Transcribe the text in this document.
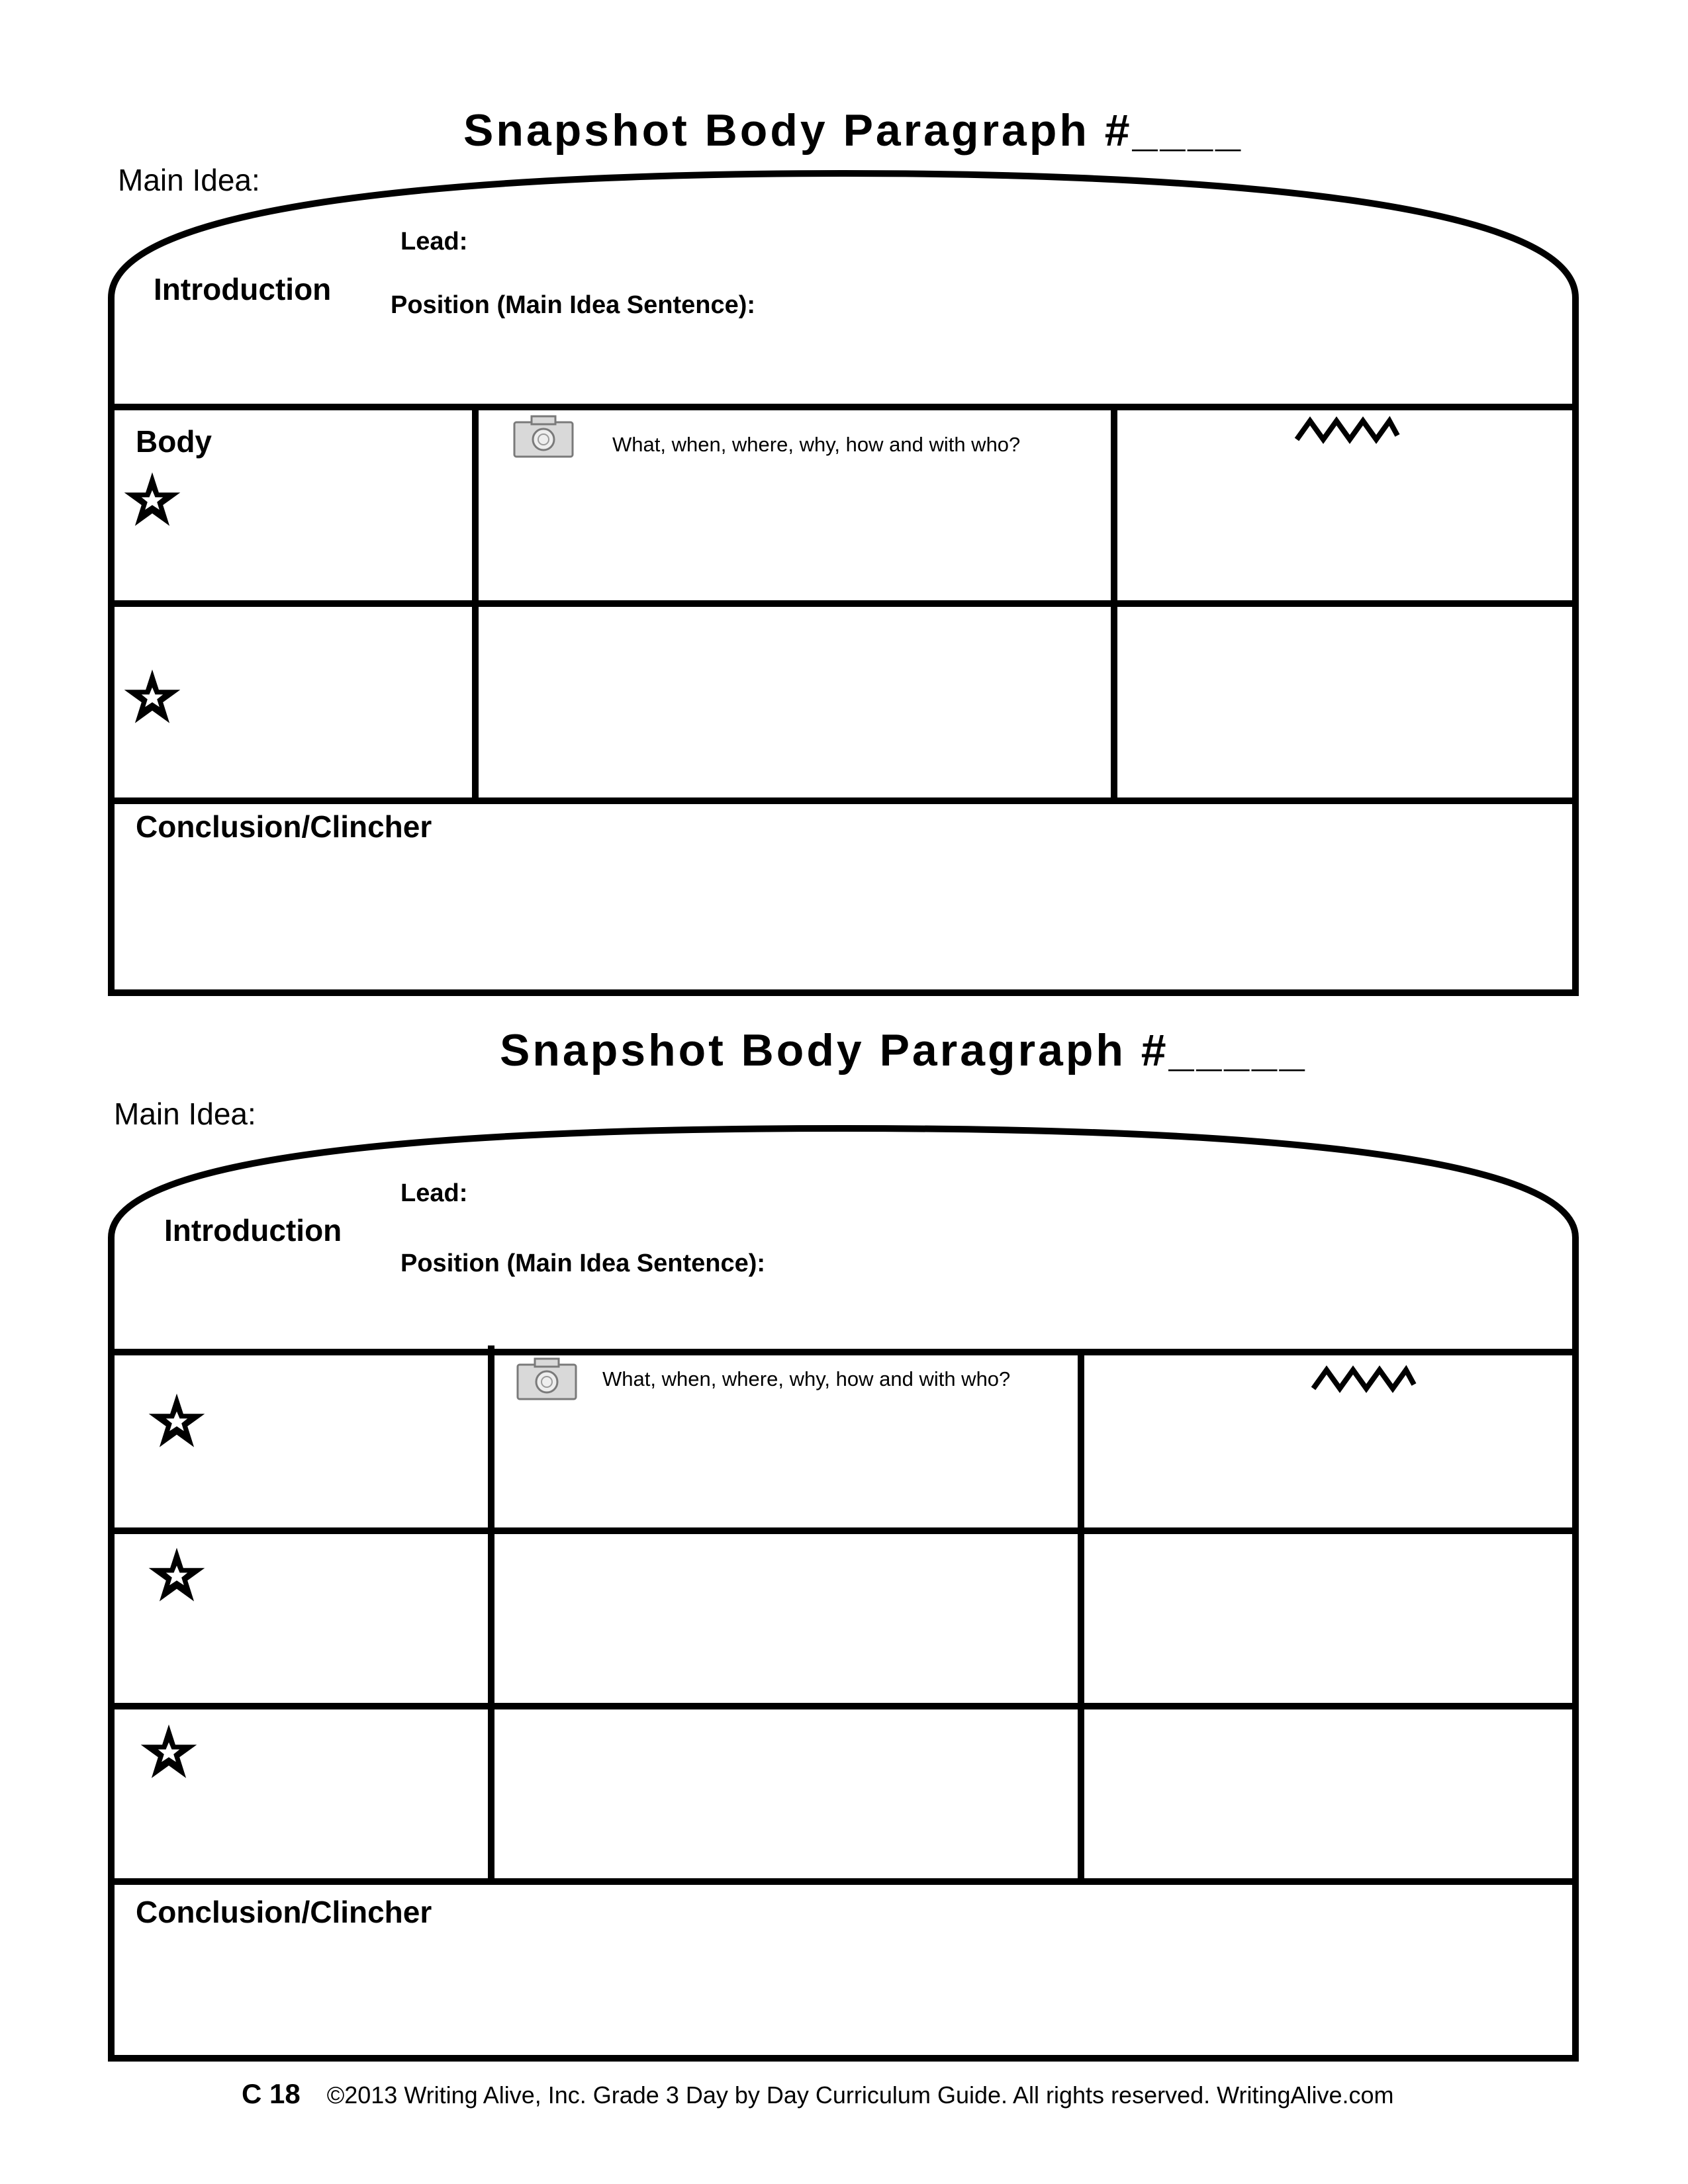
Snapshot Body Paragraph #____
Main Idea:
Introduction
Lead:
Position (Main Idea Sentence):
Body	What, when, where, why, how and with who?
Conclusion/Clincher
Snapshot Body Paragraph #_____
Main Idea:
Introduction
Lead:
Position (Main Idea Sentence):
What, when, where, why, how and with who?
Conclusion/Clincher
C 18 ©2013 Writing Alive, Inc. Grade 3 Day by Day Curriculum Guide. All rights reserved. WritingAlive.com
